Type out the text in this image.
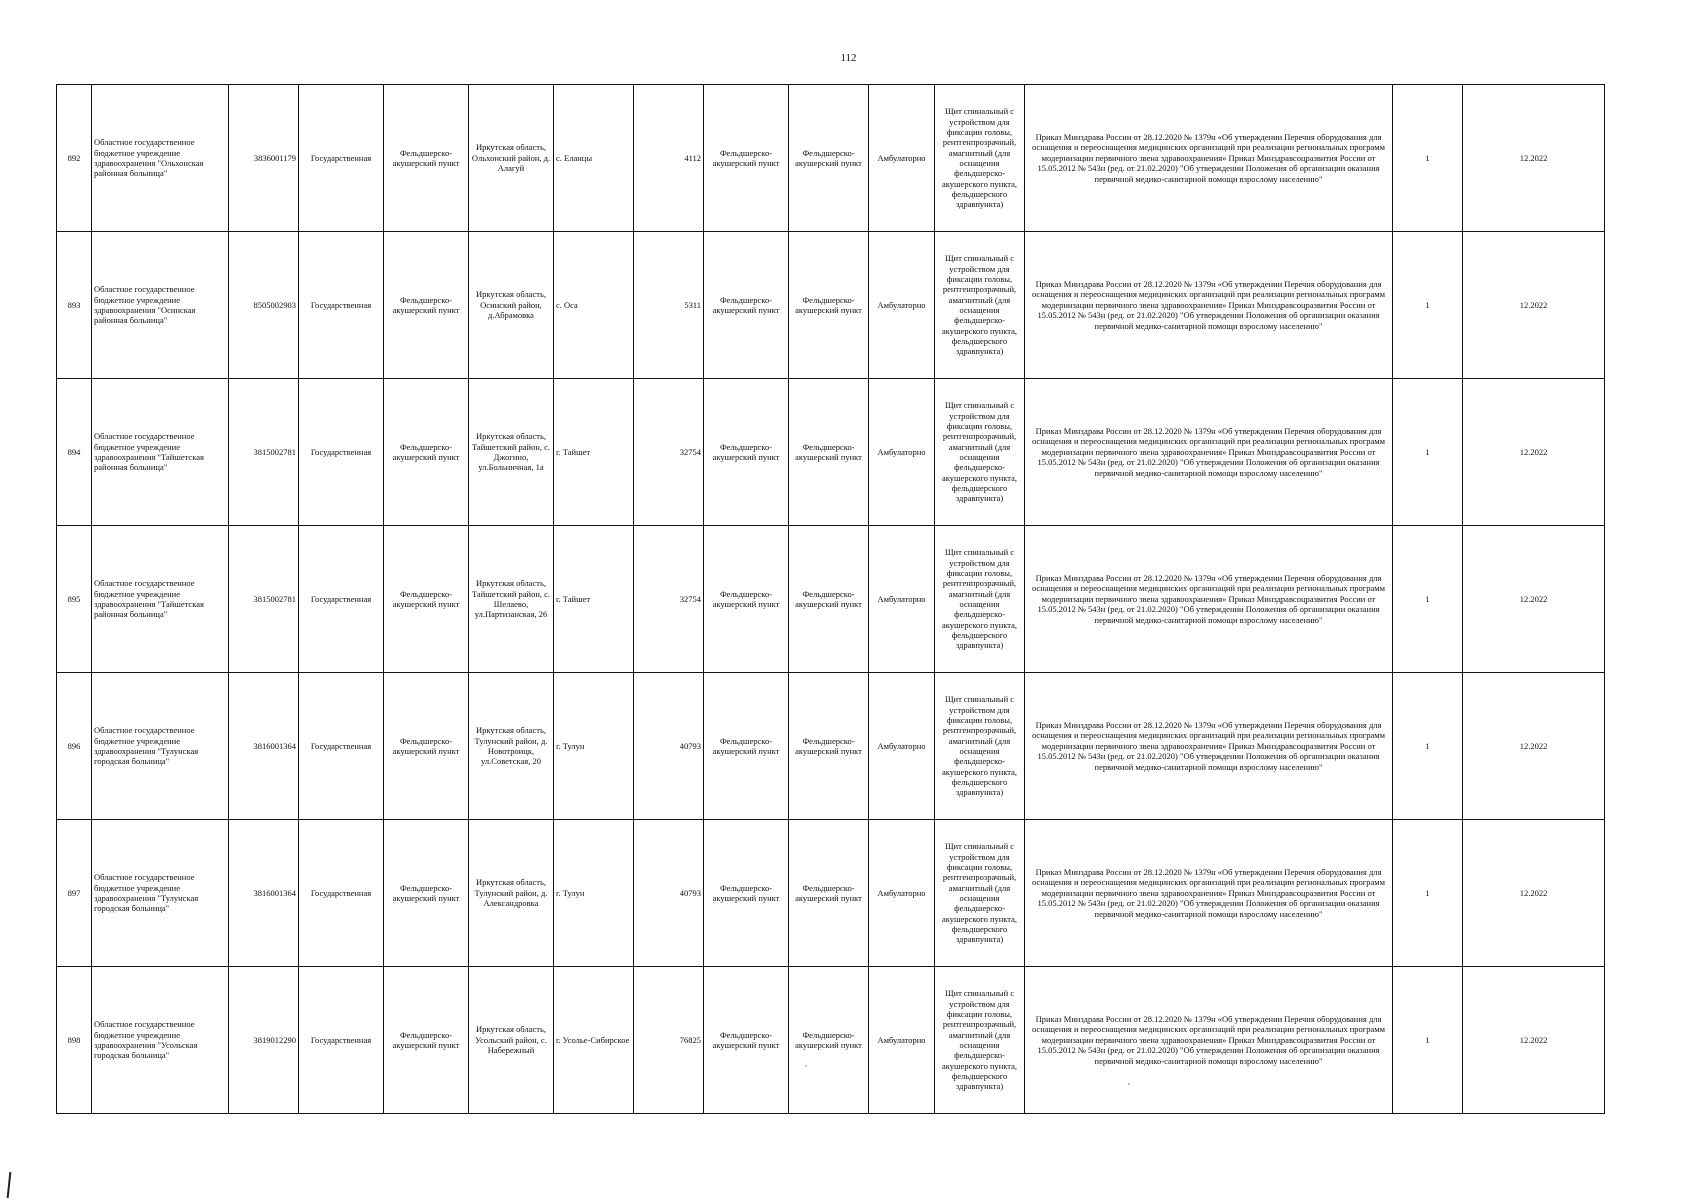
112
892	Областное государственное бюджетное учреждение здравоохранения "Ольхонская районная больница"	3836001179	Государственная	Фельдшерско-акушерский пункт	Иркутская область, Ольхонский район, д. Алагуй	с. Еланцы	4112	Фельдшерско-акушерский пункт	Фельдшерско-акушерский пункт	Амбулаторно	Щит спинальный с устройством для фиксации головы, рентгенпрозрачный, амагнитный (для оснащения фельдшерско-акушерского пункта, фельдшерского здравпункта)	Приказ Минздрава России от 28.12.2020 № 1379н «Об утверждении Перечня оборудования для оснащения и переоснащения медицинских организаций при реализации региональных программ модернизации первичного звена здравоохранения» Приказ Минздравсоцразвития России от 15.05.2012 № 543н (ред. от 21.02.2020) "Об утверждении Положения об организации оказания первичной медико-санитарной помощи взрослому населению"	1	12.2022
893	Областное государственное бюджетное учреждение здравоохранения "Осинская районная больница"	8505002903	Государственная	Фельдшерско-акушерский пункт	Иркутская область, Осинский район, д.Абрамовка	с. Оса	5311	Фельдшерско-акушерский пункт	Фельдшерско-акушерский пункт	Амбулаторно	Щит спинальный с устройством для фиксации головы, рентгенпрозрачный, амагнитный (для оснащения фельдшерско-акушерского пункта, фельдшерского здравпункта)	Приказ Минздрава России от 28.12.2020 № 1379н «Об утверждении Перечня оборудования для оснащения и переоснащения медицинских организаций при реализации региональных программ модернизации первичного звена здравоохранения» Приказ Минздравсоцразвития России от 15.05.2012 № 543н (ред. от 21.02.2020) "Об утверждении Положения об организации оказания первичной медико-санитарной помощи взрослому населению"	1	12.2022
894	Областное государственное бюджетное учреждение здравоохранения "Тайшетская районная больница"	3815002781	Государственная	Фельдшерско-акушерский пункт	Иркутская область, Тайшетский район, с. Джогино, ул.Больничная, 1а	г. Тайшет	32754	Фельдшерско-акушерский пункт	Фельдшерско-акушерский пункт	Амбулаторно	Щит спинальный с устройством для фиксации головы, рентгенпрозрачный, амагнитный (для оснащения фельдшерско-акушерского пункта, фельдшерского здравпункта)	Приказ Минздрава России от 28.12.2020 № 1379н «Об утверждении Перечня оборудования для оснащения и переоснащения медицинских организаций при реализации региональных программ модернизации первичного звена здравоохранения» Приказ Минздравсоцразвития России от 15.05.2012 № 543н (ред. от 21.02.2020) "Об утверждении Положения об организации оказания первичной медико-санитарной помощи взрослому населению"	1	12.2022
895	Областное государственное бюджетное учреждение здравоохранения "Тайшетская районная больница"	3815002781	Государственная	Фельдшерско-акушерский пункт	Иркутская область, Тайшетский район, с. Шелаево, ул.Партизанская, 26	г. Тайшет	32754	Фельдшерско-акушерский пункт	Фельдшерско-акушерский пункт	Амбулаторно	Щит спинальный с устройством для фиксации головы, рентгенпрозрачный, амагнитный (для оснащения фельдшерско-акушерского пункта, фельдшерского здравпункта)	Приказ Минздрава России от 28.12.2020 № 1379н «Об утверждении Перечня оборудования для оснащения и переоснащения медицинских организаций при реализации региональных программ модернизации первичного звена здравоохранения» Приказ Минздравсоцразвития России от 15.05.2012 № 543н (ред. от 21.02.2020) "Об утверждении Положения об организации оказания первичной медико-санитарной помощи взрослому населению"	1	12.2022
896	Областное государственное бюджетное учреждение здравоохранения "Тулунская городская больница"	3816001364	Государственная	Фельдшерско-акушерский пункт	Иркутская область, Тулунский район, д. Новотроицк, ул.Советская, 20	г. Тулун	40793	Фельдшерско-акушерский пункт	Фельдшерско-акушерский пункт	Амбулаторно	Щит спинальный с устройством для фиксации головы, рентгенпрозрачный, амагнитный (для оснащения фельдшерско-акушерского пункта, фельдшерского здравпункта)	Приказ Минздрава России от 28.12.2020 № 1379н «Об утверждении Перечня оборудования для оснащения и переоснащения медицинских организаций при реализации региональных программ модернизации первичного звена здравоохранения» Приказ Минздравсоцразвития России от 15.05.2012 № 543н (ред. от 21.02.2020) "Об утверждении Положения об организации оказания первичной медико-санитарной помощи взрослому населению"	1	12.2022
897	Областное государственное бюджетное учреждение здравоохранения "Тулунская городская больница"	3816001364	Государственная	Фельдшерско-акушерский пункт	Иркутская область, Тулунский район, д. Александровка	г. Тулун	40793	Фельдшерско-акушерский пункт	Фельдшерско-акушерский пункт	Амбулаторно	Щит спинальный с устройством для фиксации головы, рентгенпрозрачный, амагнитный (для оснащения фельдшерско-акушерского пункта, фельдшерского здравпункта)	Приказ Минздрава России от 28.12.2020 № 1379н «Об утверждении Перечня оборудования для оснащения и переоснащения медицинских организаций при реализации региональных программ модернизации первичного звена здравоохранения» Приказ Минздравсоцразвития России от 15.05.2012 № 543н (ред. от 21.02.2020) "Об утверждении Положения об организации оказания первичной медико-санитарной помощи взрослому населению"	1	12.2022
898	Областное государственное бюджетное учреждение здравоохранения "Усольская городская больница"	3819012290	Государственная	Фельдшерско-акушерский пункт	Иркутская область, Усольский район, с. Набережный	г. Усолье-Сибирское	76825	Фельдшерско-акушерский пункт	Фельдшерско-акушерский пункт	Амбулаторно	Щит спинальный с устройством для фиксации головы, рентгенпрозрачный, амагнитный (для оснащения фельдшерско-акушерского пункта, фельдшерского здравпункта)	Приказ Минздрава России от 28.12.2020 № 1379н «Об утверждении Перечня оборудования для оснащения и переоснащения медицинских организаций при реализации региональных программ модернизации первичного звена здравоохранения» Приказ Минздравсоцразвития России от 15.05.2012 № 543н (ред. от 21.02.2020) "Об утверждении Положения об организации оказания первичной медико-санитарной помощи взрослому населению"	1	12.2022
